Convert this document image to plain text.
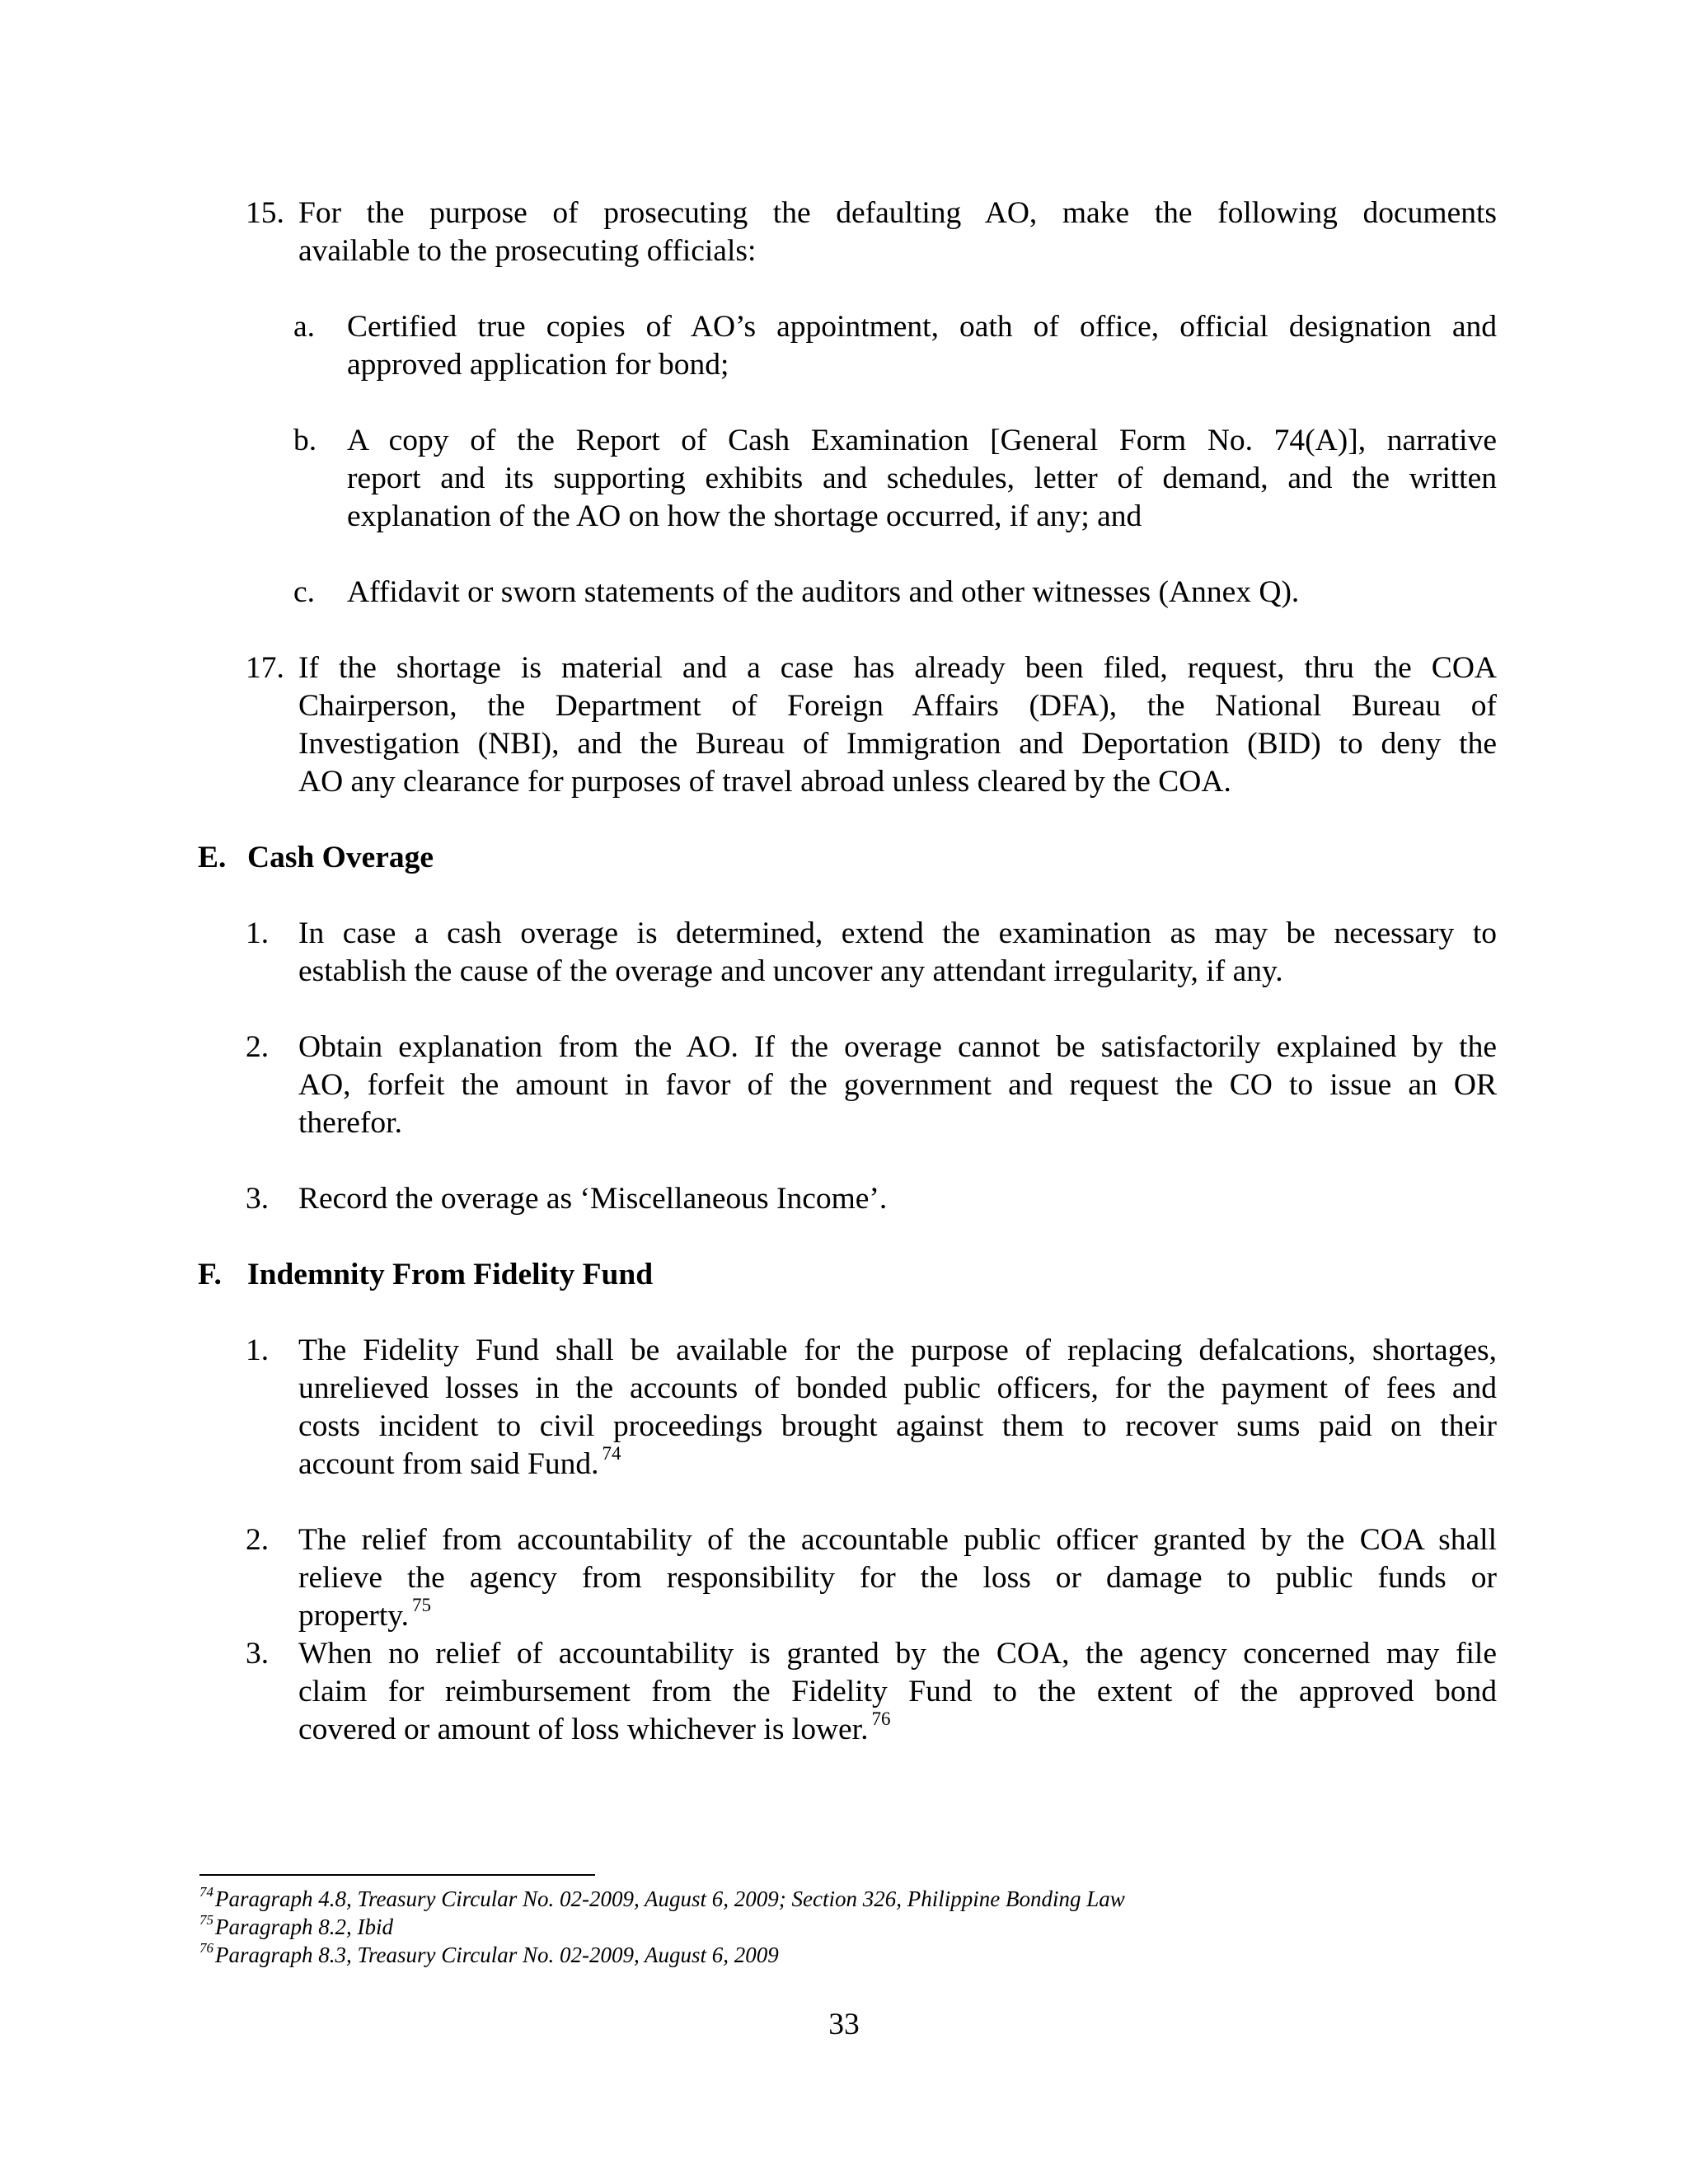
15. For the purpose of prosecuting the defaulting AO, make the following documents
available to the prosecuting officials:
a. Certified true copies of AO’s appointment, oath of office, official designation and
approved application for bond;
b. A copy of the Report of Cash Examination [General Form No. 74(A)], narrative
report and its supporting exhibits and schedules, letter of demand, and the written
explanation of the AO on how the shortage occurred, if any; and
c. Affidavit or sworn statements of the auditors and other witnesses (Annex Q).
17. If the shortage is material and a case has already been filed, request, thru the COA
Chairperson, the Department of Foreign Affairs (DFA), the National Bureau of
Investigation (NBI), and the Bureau of Immigration and Deportation (BID) to deny the
AO any clearance for purposes of travel abroad unless cleared by the COA.
E. Cash Overage
1. In case a cash overage is determined, extend the examination as may be necessary to
establish the cause of the overage and uncover any attendant irregularity, if any.
2. Obtain explanation from the AO. If the overage cannot be satisfactorily explained by the
AO, forfeit the amount in favor of the government and request the CO to issue an OR
therefor.
3. Record the overage as ‘Miscellaneous Income’.
F. Indemnity From Fidelity Fund
1. The Fidelity Fund shall be available for the purpose of replacing defalcations, shortages,
unrelieved losses in the accounts of bonded public officers, for the payment of fees and
costs incident to civil proceedings brought against them to recover sums paid on their
account from said Fund. $^{74}$
2. The relief from accountability of the accountable public officer granted by the COA shall
relieve the agency from responsibility for the loss or damage to public funds or
property. $^{75}$
3. When no relief of accountability is granted by the COA, the agency concerned may file
claim for reimbursement from the Fidelity Fund to the extent of the approved bond
covered or amount of loss whichever is lower. $^{76}$
$^{74}$Paragraph 4.8, Treasury Circular No. 02-2009, August 6, 2009; Section 326, Philippine Bonding Law
$^{75}$Paragraph 8.2, Ibid
$^{76}$Paragraph 8.3, Treasury Circular No. 02-2009, August 6, 2009
33
